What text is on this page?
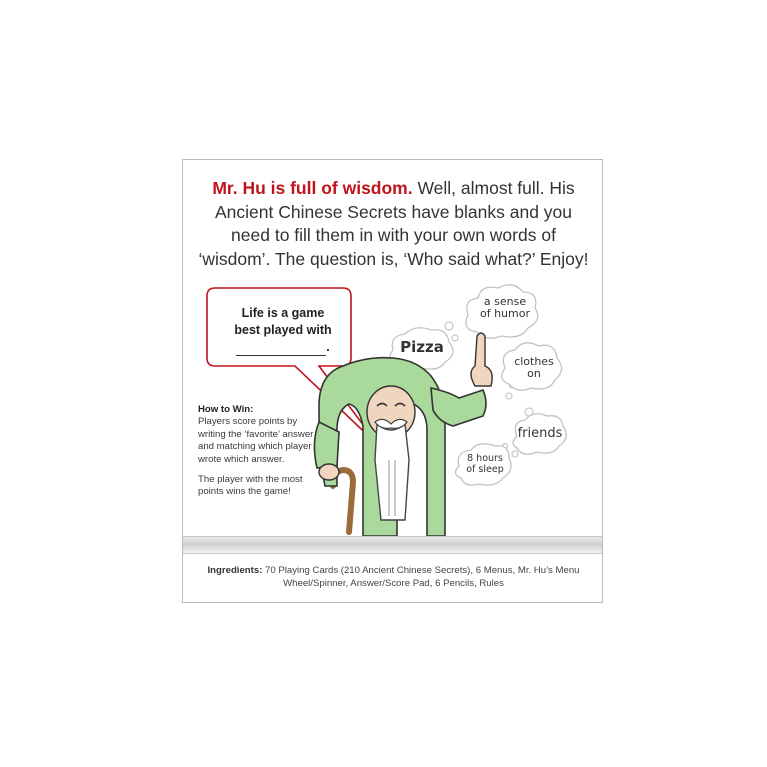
Mr. Hu is full of wisdom. Well, almost full. His Ancient Chinese Secrets have blanks and you need to fill them in with your own words of ‘wisdom’. The question is, ‘Who said what?’ Enjoy!

Life is a game
best played with
.
a sense
of humor
Pizza
clothes
on
friends
8 hours
of sleep

How to Win:
Players score points by writing the ‘favorite’ answer and matching which player wrote which answer.

The player with the most points wins the game!

Ingredients: 70 Playing Cards (210 Ancient Chinese Secrets), 6 Menus, Mr. Hu’s Menu Wheel/Spinner, Answer/Score Pad, 6 Pencils, Rules
